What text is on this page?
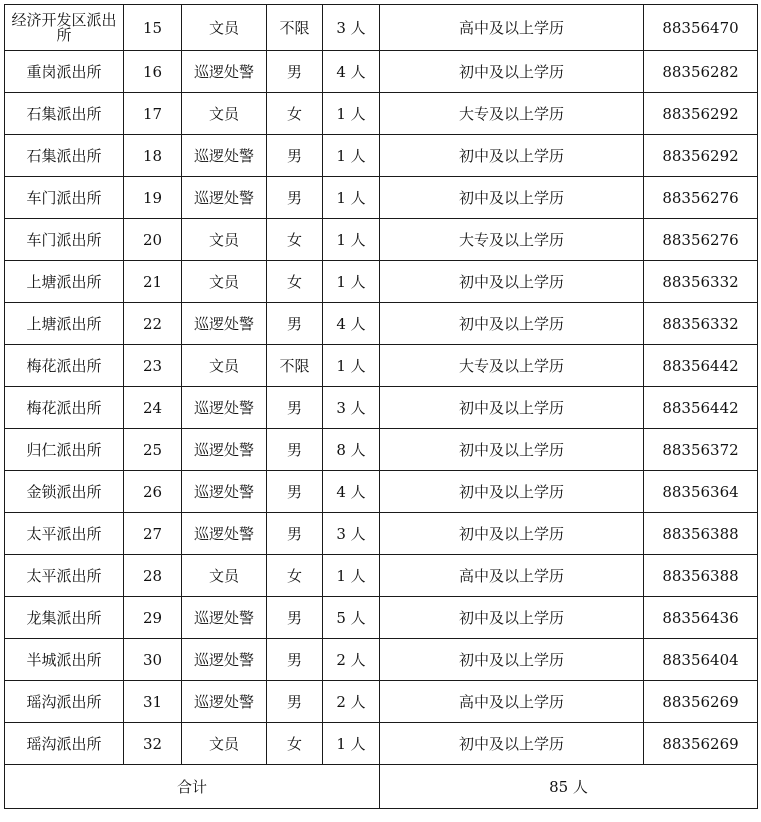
经济开发区派出所	15	文员	不限	3 人	高中及以上学历	88356470
重岗派出所	16	巡逻处警	男	4 人	初中及以上学历	88356282
石集派出所	17	文员	女	1 人	大专及以上学历	88356292
石集派出所	18	巡逻处警	男	1 人	初中及以上学历	88356292
车门派出所	19	巡逻处警	男	1 人	初中及以上学历	88356276
车门派出所	20	文员	女	1 人	大专及以上学历	88356276
上塘派出所	21	文员	女	1 人	初中及以上学历	88356332
上塘派出所	22	巡逻处警	男	4 人	初中及以上学历	88356332
梅花派出所	23	文员	不限	1 人	大专及以上学历	88356442
梅花派出所	24	巡逻处警	男	3 人	初中及以上学历	88356442
归仁派出所	25	巡逻处警	男	8 人	初中及以上学历	88356372
金锁派出所	26	巡逻处警	男	4 人	初中及以上学历	88356364
太平派出所	27	巡逻处警	男	3 人	初中及以上学历	88356388
太平派出所	28	文员	女	1 人	高中及以上学历	88356388
龙集派出所	29	巡逻处警	男	5 人	初中及以上学历	88356436
半城派出所	30	巡逻处警	男	2 人	初中及以上学历	88356404
瑶沟派出所	31	巡逻处警	男	2 人	高中及以上学历	88356269
瑶沟派出所	32	文员	女	1 人	初中及以上学历	88356269
合计					85 人	
